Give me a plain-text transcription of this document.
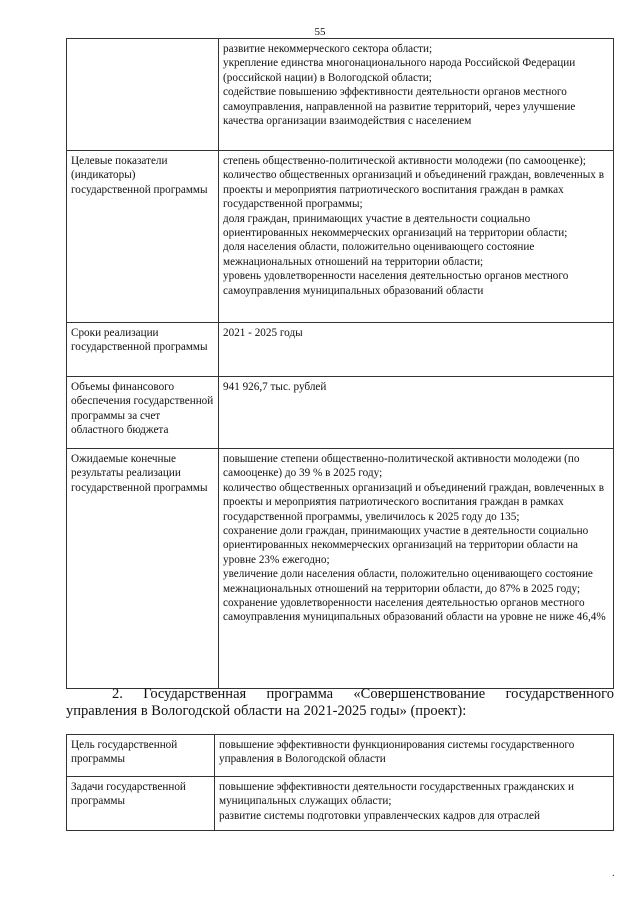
55

	развитие некоммерческого сектора области;
укрепление единства многонационального народа Российской Федерации (российской нации) в Вологодской области;
содействие повышению эффективности деятельности органов местного самоуправления, направленной на развитие территорий, через улучшение качества организации взаимодействия с населением

Целевые показатели (индикаторы) государственной программы	степень общественно-политической активности молодежи (по самооценке);
количество общественных организаций и объединений граждан, вовлеченных в проекты и мероприятия патриотического воспитания граждан в рамках государственной программы;
доля граждан, принимающих участие в деятельности социально ориентированных некоммерческих организаций на территории области;
доля населения области, положительно оценивающего состояние межнациональных отношений на территории области;
уровень удовлетворенности населения деятельностью органов местного самоуправления муниципальных образований области

Сроки реализации государственной программы	2021 - 2025 годы

Объемы финансового обеспечения государственной программы за счет областного бюджета	941 926,7 тыс. рублей

Ожидаемые конечные результаты реализации государственной программы	повышение степени общественно-политической активности молодежи (по самооценке) до 39 % в 2025 году;
количество общественных организаций и объединений граждан, вовлеченных в проекты и мероприятия патриотического воспитания граждан в рамках государственной программы, увеличилось к 2025 году до 135;
сохранение доли граждан, принимающих участие в деятельности социально ориентированных некоммерческих организаций на территории области на уровне 23% ежегодно;
увеличение доли населения области, положительно оценивающего состояние межнациональных отношений на территории области, до 87% в 2025 году;
сохранение удовлетворенности населения деятельностью органов местного самоуправления муниципальных образований области на уровне не ниже 46,4%
2. Государственная программа «Совершенствование государственного управления в Вологодской области на 2021-2025 годы» (проект):
Цель государственной программы	повышение эффективности функционирования системы государственного управления в Вологодской области

Задачи государственной программы	повышение эффективности деятельности государственных гражданских и муниципальных служащих области;
развитие системы подготовки управленческих кадров для отраслей
.
